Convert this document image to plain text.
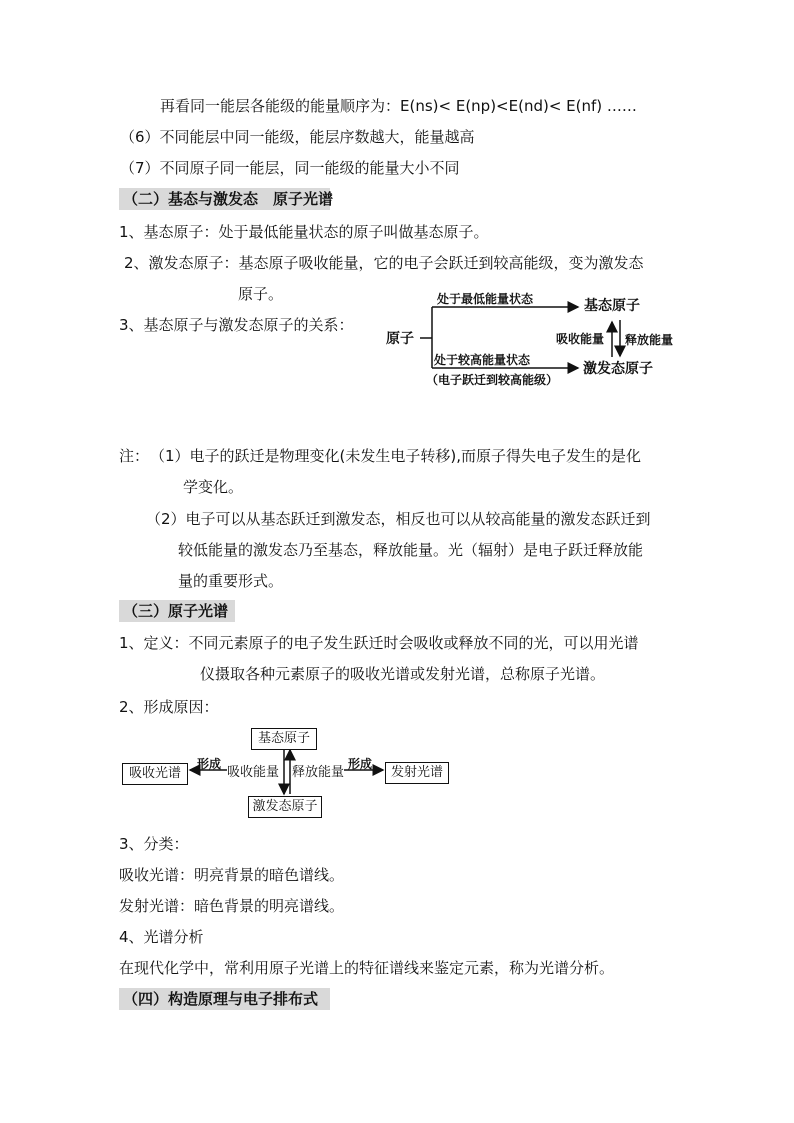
再看同一能层各能级的能量顺序为：E(ns)< E(np)<E(nd)< E(nf) ……
（6）不同能层中同一能级，能层序数越大，能量越高
（7）不同原子同一能层，同一能级的能量大小不同
（二）基态与激发态　原子光谱
1、基态原子：处于最低能量状态的原子叫做基态原子。
2、激发态原子：基态原子吸收能量，它的电子会跃迁到较高能级，变为激发态
原子。
3、基态原子与激发态原子的关系：
原子
处于最低能量状态	基态原子
吸收能量 释放能量
处于较高能量状态
激发态原子
（电子跃迁到较高能级）
注： （1）电子的跃迁是物理变化(未发生电子转移),而原子得失电子发生的是化
学变化。
（2）电子可以从基态跃迁到激发态，相反也可以从较高能量的激发态跃迁到
较低能量的激发态乃至基态，释放能量。光（辐射）是电子跃迁释放能
量的重要形式。
（三）原子光谱
1、定义：不同元素原子的电子发生跃迁时会吸收或释放不同的光，可以用光谱
仪摄取各种元素原子的吸收光谱或发射光谱，总称原子光谱。
2、形成原因：
基态原子
激发态原子
吸收光谱	发射光谱
形成
吸收能量 释放能量
形成
3、分类：
吸收光谱：明亮背景的暗色谱线。
发射光谱：暗色背景的明亮谱线。
4、光谱分析
在现代化学中，常利用原子光谱上的特征谱线来鉴定元素，称为光谱分析。
（四）构造原理与电子排布式
